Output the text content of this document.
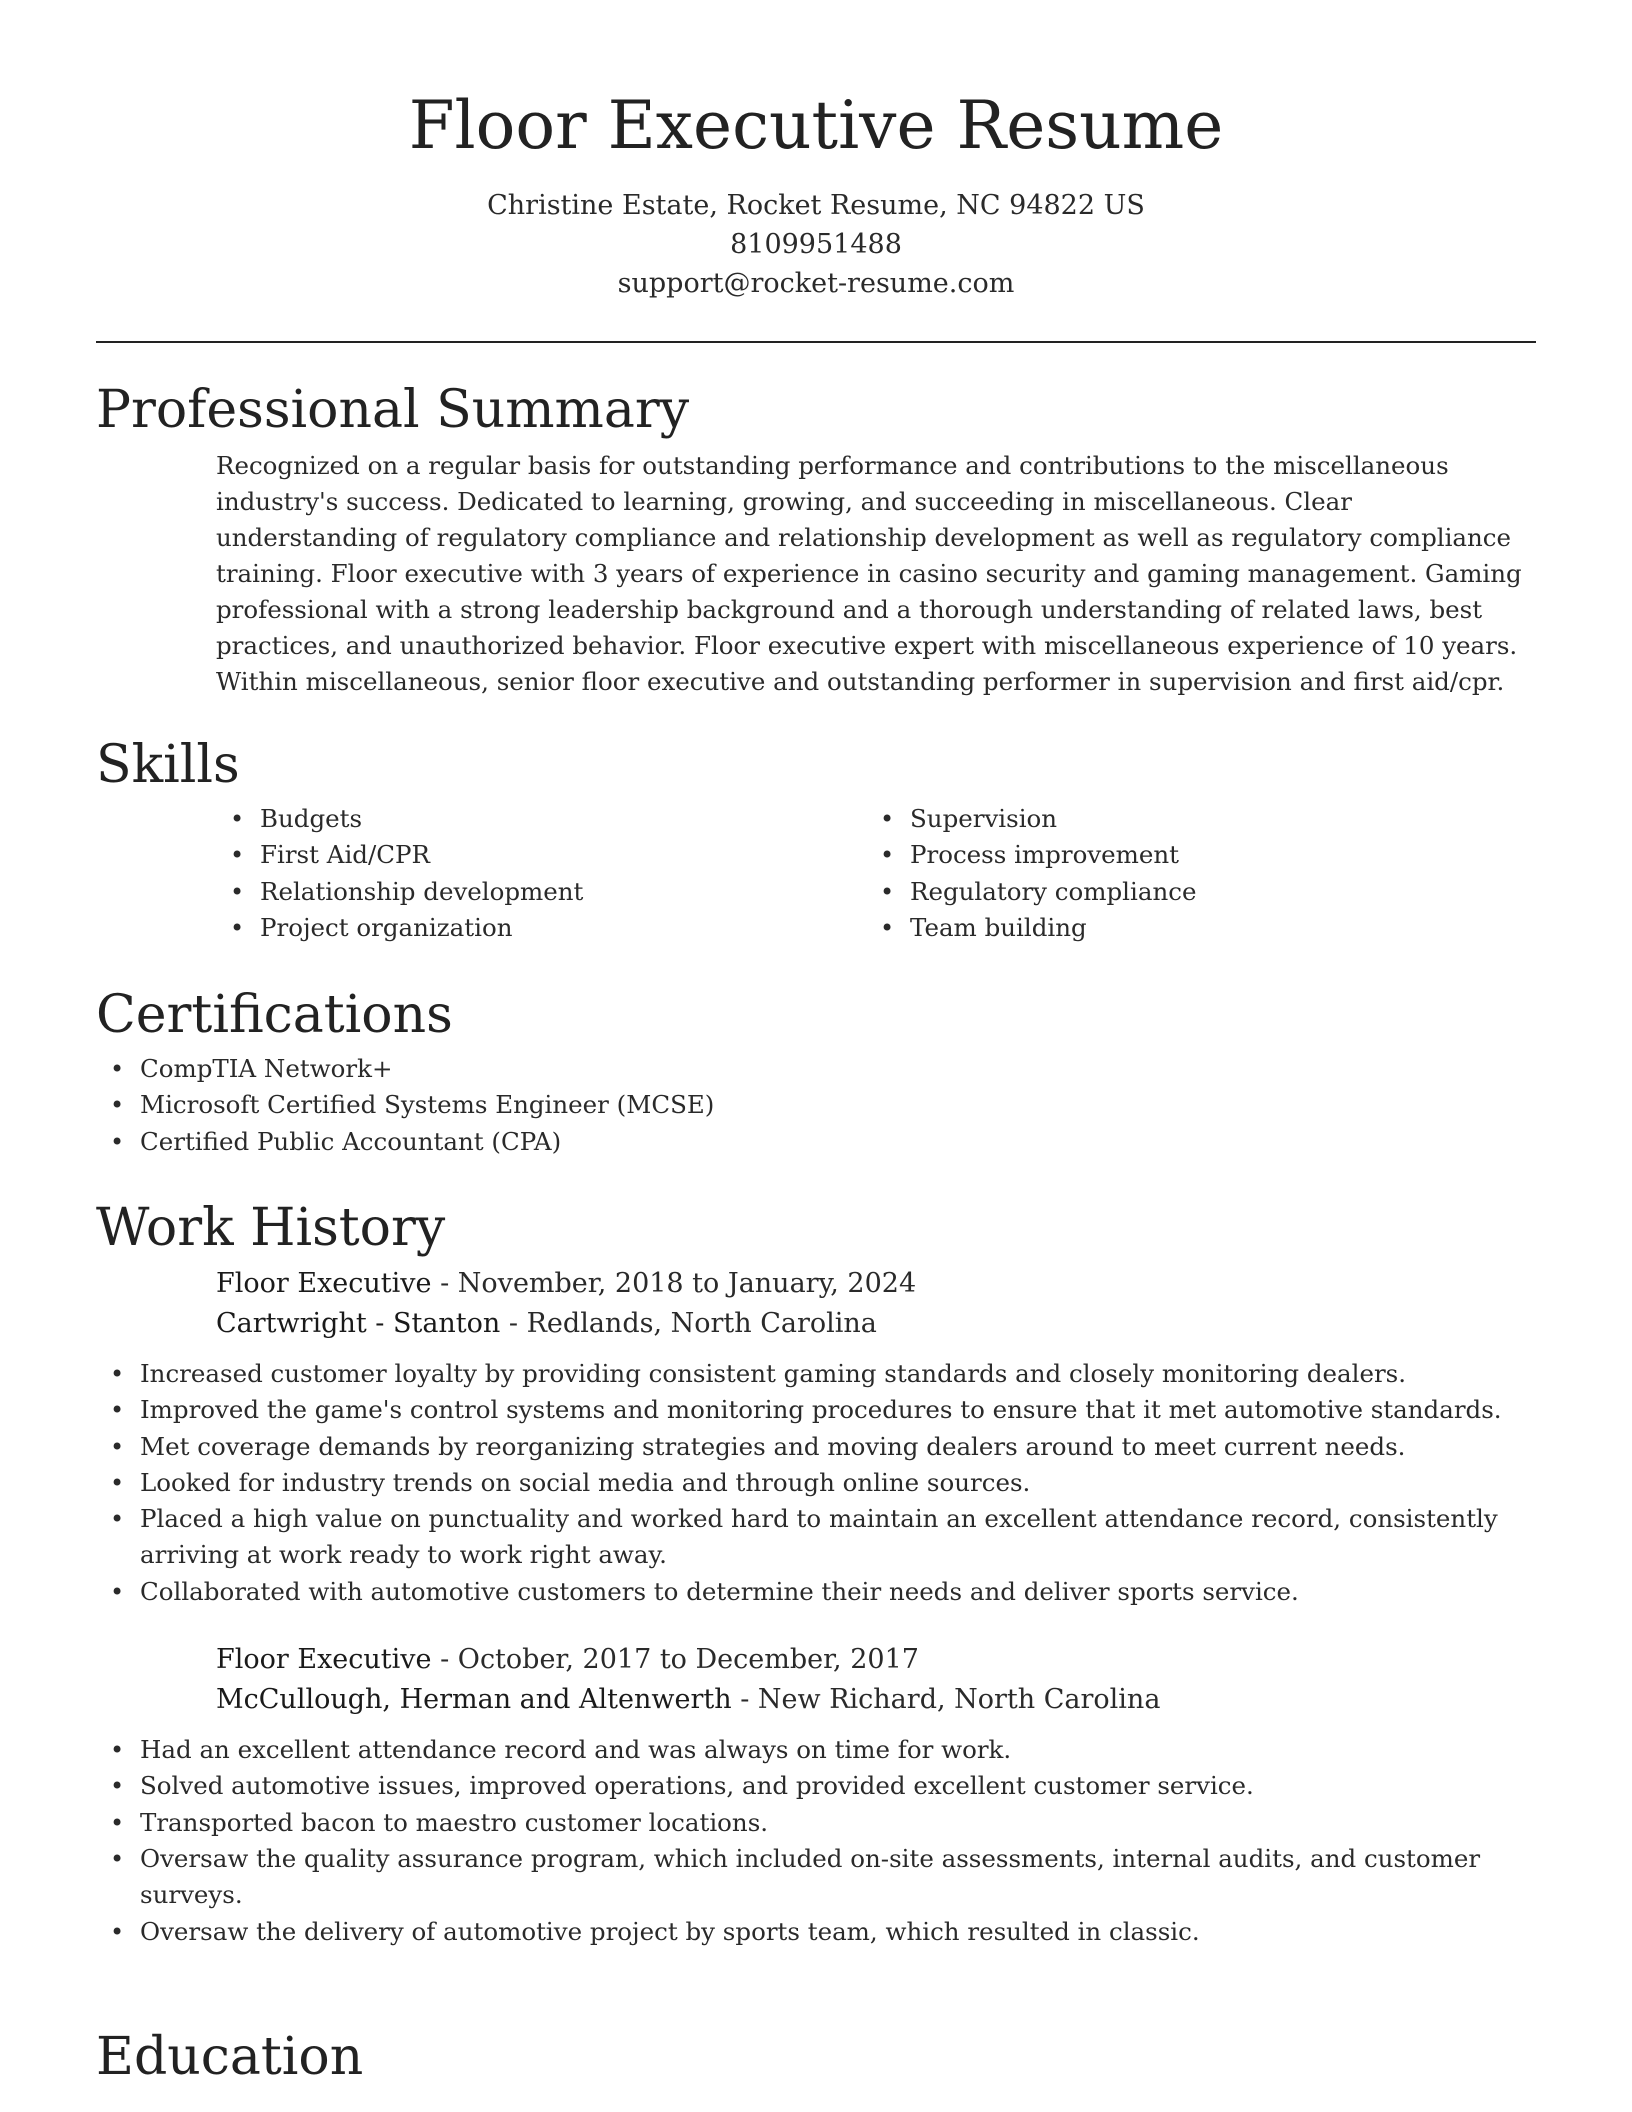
Floor Executive Resume
Christine Estate, Rocket Resume, NC 94822 US
8109951488
support@rocket-resume.com
Professional Summary
Recognized on a regular basis for outstanding performance and contributions to the miscellaneous industry's success. Dedicated to learning, growing, and succeeding in miscellaneous. Clear understanding of regulatory compliance and relationship development as well as regulatory compliance training. Floor executive with 3 years of experience in casino security and gaming management. Gaming professional with a strong leadership background and a thorough understanding of related laws, best practices, and unauthorized behavior. Floor executive expert with miscellaneous experience of 10 years. Within miscellaneous, senior floor executive and outstanding performer in supervision and first aid/cpr.
Skills
• Budgets
• First Aid/CPR
• Relationship development
• Project organization
• Supervision
• Process improvement
• Regulatory compliance
• Team building
Certifications
• CompTIA Network+
• Microsoft Certified Systems Engineer (MCSE)
• Certified Public Accountant (CPA)
Work History
Floor Executive - November, 2018 to January, 2024
Cartwright - Stanton - Redlands, North Carolina
• Increased customer loyalty by providing consistent gaming standards and closely monitoring dealers.
• Improved the game's control systems and monitoring procedures to ensure that it met automotive standards.
• Met coverage demands by reorganizing strategies and moving dealers around to meet current needs.
• Looked for industry trends on social media and through online sources.
• Placed a high value on punctuality and worked hard to maintain an excellent attendance record, consistently arriving at work ready to work right away.
• Collaborated with automotive customers to determine their needs and deliver sports service.
Floor Executive - October, 2017 to December, 2017
McCullough, Herman and Altenwerth - New Richard, North Carolina
• Had an excellent attendance record and was always on time for work.
• Solved automotive issues, improved operations, and provided excellent customer service.
• Transported bacon to maestro customer locations.
• Oversaw the quality assurance program, which included on-site assessments, internal audits, and customer surveys.
• Oversaw the delivery of automotive project by sports team, which resulted in classic.
Education
